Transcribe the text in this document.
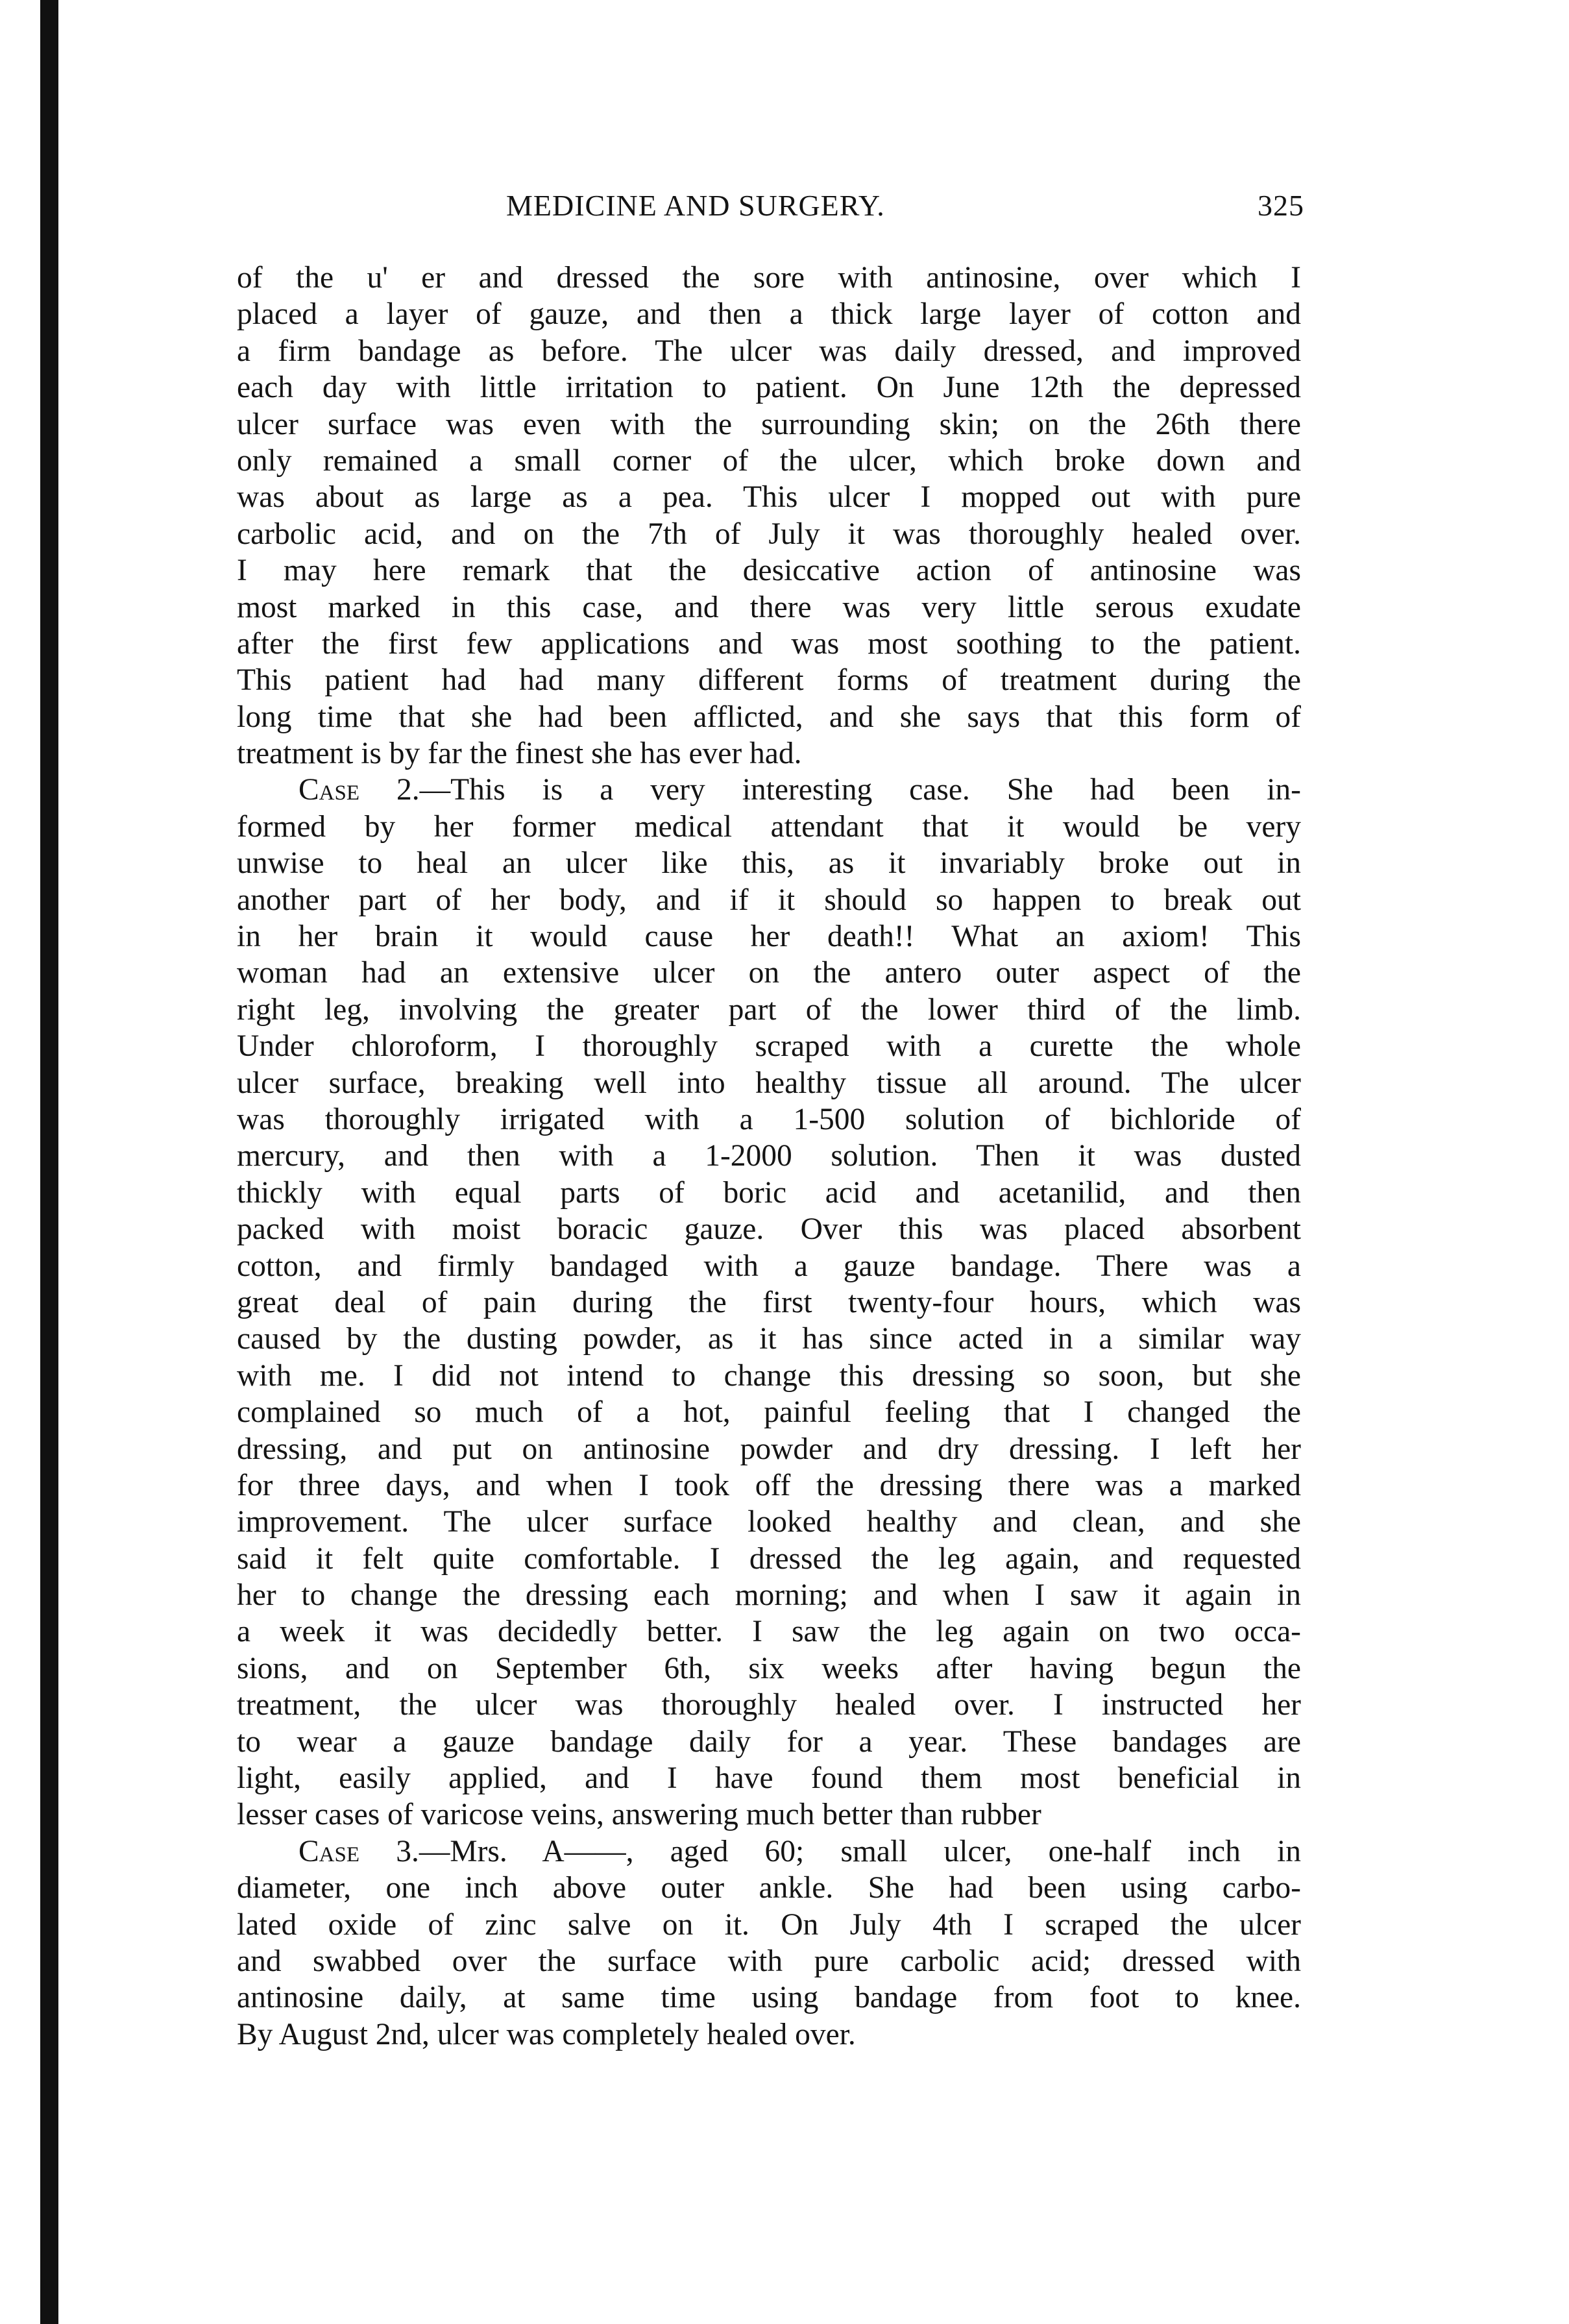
MEDICINE AND SURGERY.	325
of the u' er and dressed the sore with antinosine, over which I
placed a layer of gauze, and then a thick large layer of cotton and
a firm bandage as before. The ulcer was daily dressed, and improved
each day with little irritation to patient. On June 12th the depressed
ulcer surface was even with the surrounding skin; on the 26th there
only remained a small corner of the ulcer, which broke down and
was about as large as a pea. This ulcer I mopped out with pure
carbolic acid, and on the 7th of July it was thoroughly healed over.
I may here remark that the desiccative action of antinosine was
most marked in this case, and there was very little serous exudate
after the first few applications and was most soothing to the patient.
This patient had had many different forms of treatment during the
long time that she had been afflicted, and she says that this form of
treatment is by far the finest she has ever had.
Case 2.—This is a very interesting case. She had been in-
formed by her former medical attendant that it would be very
unwise to heal an ulcer like this, as it invariably broke out in
another part of her body, and if it should so happen to break out
in her brain it would cause her death!! What an axiom! This
woman had an extensive ulcer on the antero outer aspect of the
right leg, involving the greater part of the lower third of the limb.
Under chloroform, I thoroughly scraped with a curette the whole
ulcer surface, breaking well into healthy tissue all around. The ulcer
was thoroughly irrigated with a 1-500 solution of bichloride of
mercury, and then with a 1-2000 solution. Then it was dusted
thickly with equal parts of boric acid and acetanilid, and then
packed with moist boracic gauze. Over this was placed absorbent
cotton, and firmly bandaged with a gauze bandage. There was a
great deal of pain during the first twenty-four hours, which was
caused by the dusting powder, as it has since acted in a similar way
with me. I did not intend to change this dressing so soon, but she
complained so much of a hot, painful feeling that I changed the
dressing, and put on antinosine powder and dry dressing. I left her
for three days, and when I took off the dressing there was a marked
improvement. The ulcer surface looked healthy and clean, and she
said it felt quite comfortable. I dressed the leg again, and requested
her to change the dressing each morning; and when I saw it again in
a week it was decidedly better. I saw the leg again on two occa-
sions, and on September 6th, six weeks after having begun the
treatment, the ulcer was thoroughly healed over. I instructed her
to wear a gauze bandage daily for a year. These bandages are
light, easily applied, and I have found them most beneficial in
lesser cases of varicose veins, answering much better than rubber
Case 3.—Mrs. A——, aged 60; small ulcer, one-half inch in
diameter, one inch above outer ankle. She had been using carbo-
lated oxide of zinc salve on it. On July 4th I scraped the ulcer
and swabbed over the surface with pure carbolic acid; dressed with
antinosine daily, at same time using bandage from foot to knee.
By August 2nd, ulcer was completely healed over.
